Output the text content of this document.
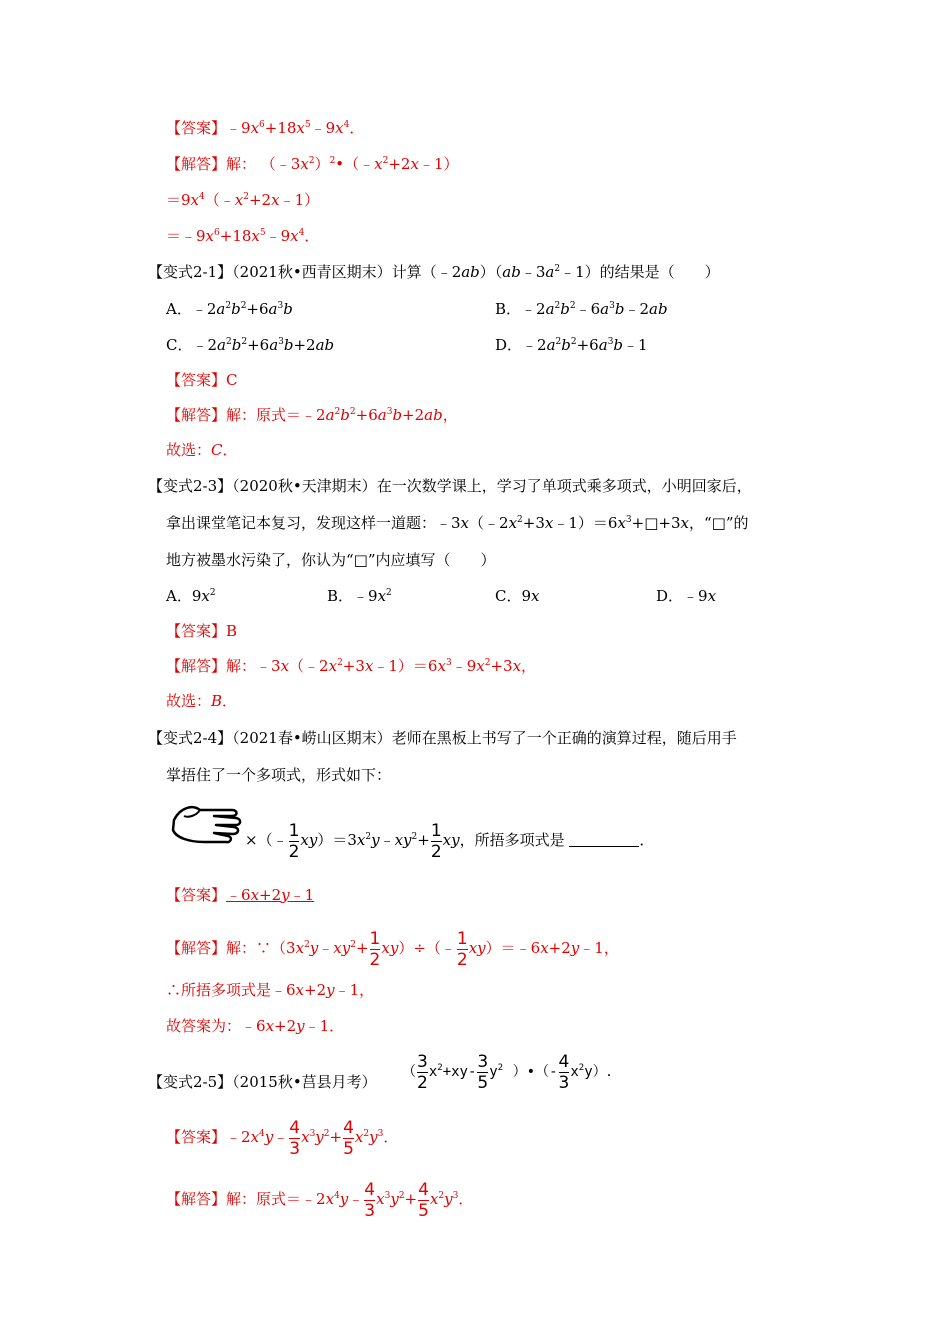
【答案】$﹣9x^6+18x^5﹣9x^4$．
【解答】解： $(﹣3x^2)^2•(﹣x^2+2x﹣1)$
$=9x^4(﹣x^2+2x﹣1)$
$=﹣9x^6+18x^5﹣9x^4$．
【变式2-1】（2021秋•西青区期末）计算$(﹣2ab)(ab﹣3a^2﹣1)$的结果是（　　）
A．$﹣2a^2b^2+6a^3b$	B．$﹣2a^2b^2﹣6a^3b﹣2ab$
C．$﹣2a^2b^2+6a^3b+2ab$	D．$﹣2a^2b^2+6a^3b﹣1$
【答案】C
【解答】解：原式$=﹣2a^2b^2+6a^3b+2ab$，
故选：C．
【变式2-3】（2020秋•天津期末）在一次数学课上，学习了单项式乘多项式，小明回家后，
拿出课堂笔记本复习，发现这样一道题：$﹣3x(﹣2x^2+3x﹣1)=6x^3+□+3x$，“□”的
地方被墨水污染了，你认为“□”内应填写（　　）
A．$9x^2$	B．$﹣9x^2$	C．9x	D．﹣9x
【答案】B
【解答】解：$﹣3x(﹣2x^2+3x﹣1)=6x^3﹣9x^2+3x$，
故选：B．
【变式2-4】（2021春•崂山区期末）老师在黑板上书写了一个正确的演算过程，随后用手
掌捂住了一个多项式，形式如下：
$\times(﹣\frac{1}{2}xy)=3x^2y﹣xy^2+\frac{1}{2}xy$，所捂多项式是	．
【答案】﹣6x+2y﹣1
【解答】解：$\because(3x^2y﹣xy^2+\frac{1}{2}xy)\div(﹣\frac{1}{2}xy)=﹣6x+2y﹣1$，
∴所捂多项式是﹣6x+2y﹣1，
故答案为：﹣6x+2y﹣1．
【变式2-5】（2015秋•莒县月考）
（$\frac{3}{2}x^2+xy-\frac{3}{5}y^2$ ）$•(-\frac{4}{3}x^2y)$.
【答案】$﹣2x^4y﹣\frac{4}{3}x^3y^2+\frac{4}{5}x^2y^3$．
【解答】解：原式$=﹣2x^4y﹣\frac{4}{3}x^3y^2+\frac{4}{5}x^2y^3$．
